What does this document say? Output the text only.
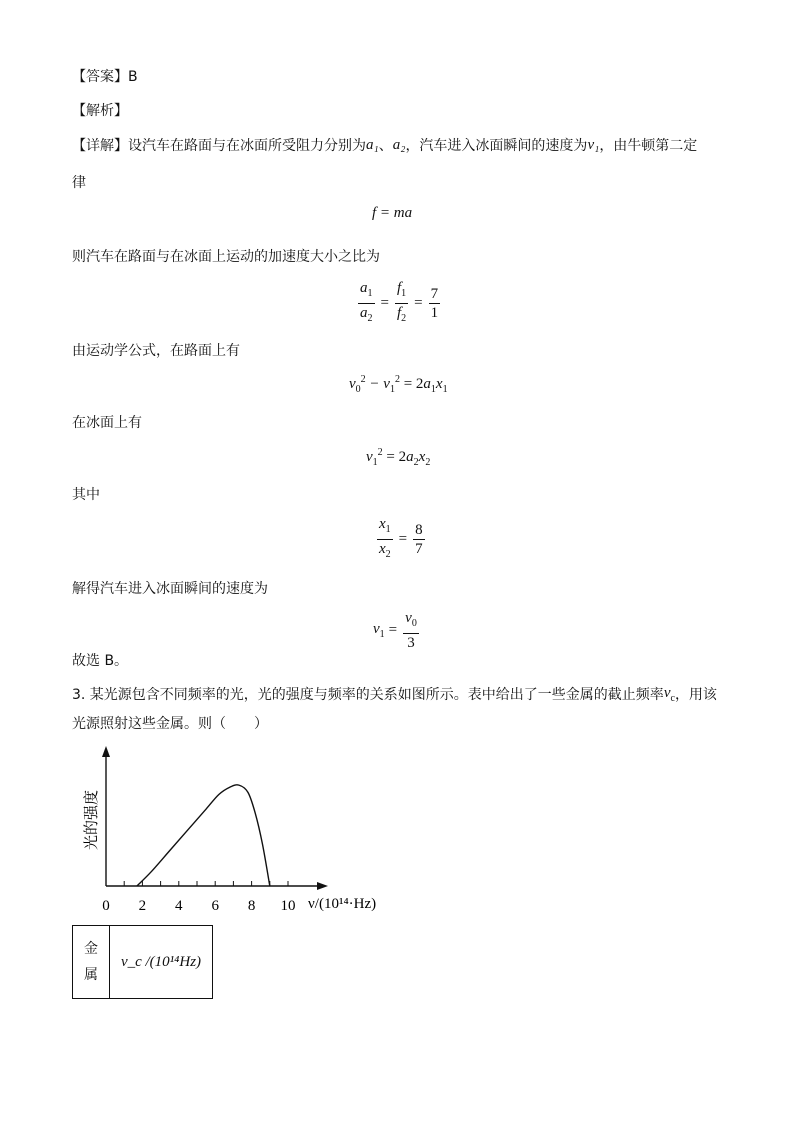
【答案】B
【解析】
【详解】设汽车在路面与在冰面所受阻力分别为 a₁ 、 a₂ ，汽车进入冰面瞬间的速度为 v₁ ，由牛顿第二定
律
f = ma
则汽车在路面与在冰面上运动的加速度大小之比为
$\frac{a_1}{a_2} = \frac{f_1}{f_2} = \frac{7}{1}$
由运动学公式，在路面上有
$v_0^2 - v_1^2 = 2a_1x_1$
在冰面上有
$v_1^2 = 2a_2x_2$
其中
$\frac{x_1}{x_2} = \frac{8}{7}$
解得汽车进入冰面瞬间的速度为
$v_1 = \frac{v_0}{3}$
故选 B。
3. 某光源包含不同频率的光，光的强度与频率的关系如图所示。表中给出了一些金属的截止频率 $\nu_c$ ，用该
光源照射这些金属。则（　　）
光的强度
0 2 4 6 8 10 ν/(10¹⁴·Hz)
金
属
	ν_c /(10¹⁴Hz)
